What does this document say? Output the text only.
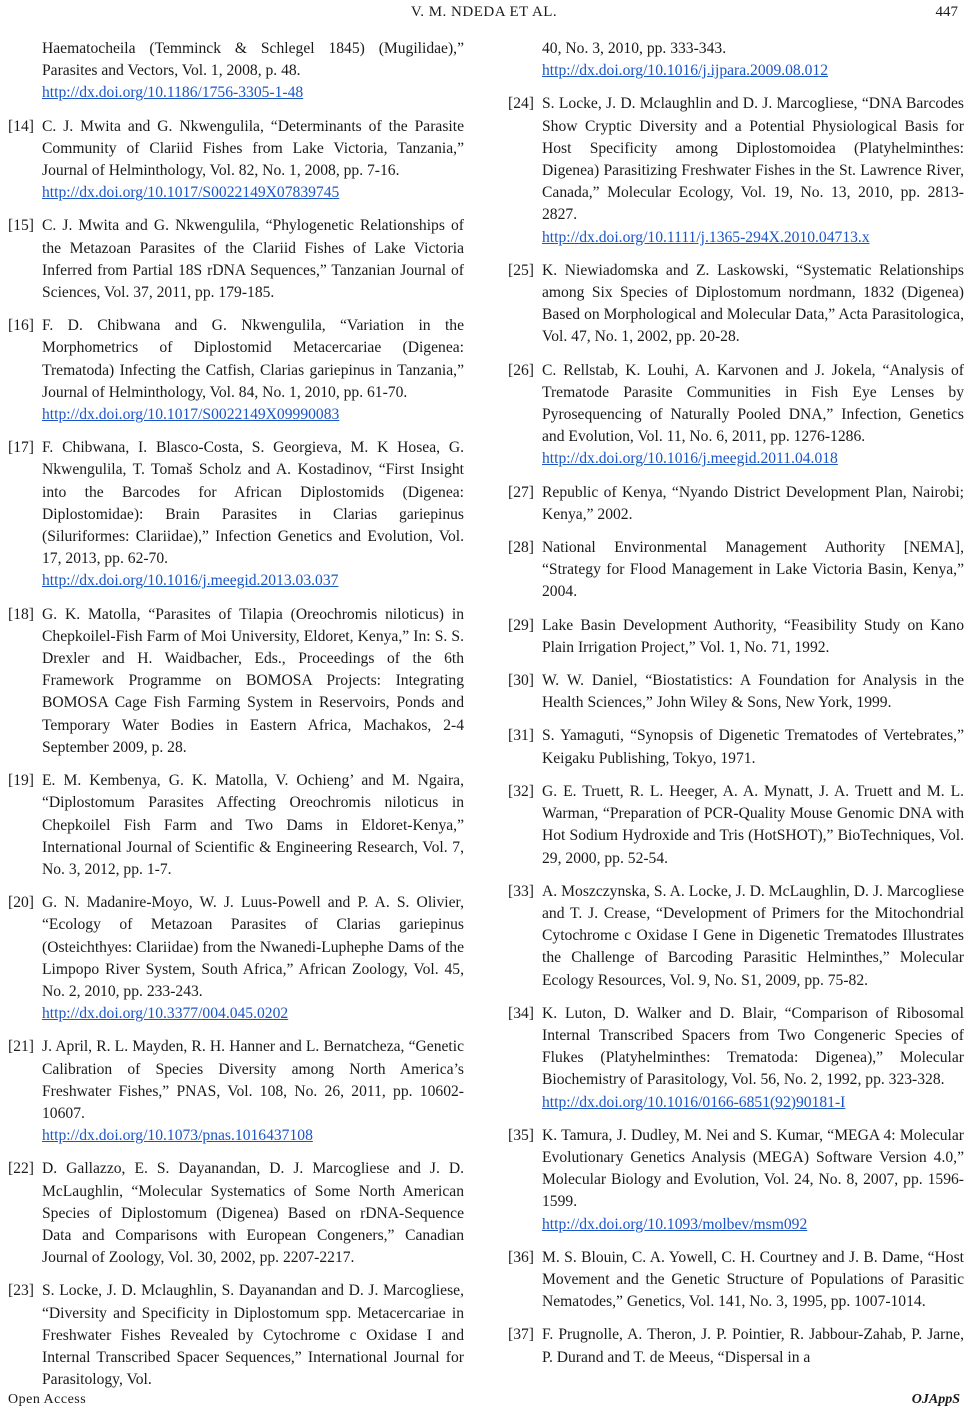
V. M. NDEDA ET AL.	447
Haematocheila (Temminck & Schlegel 1845) (Mugilidae),” Parasites and Vectors, Vol. 1, 2008, p. 48.
http://dx.doi.org/10.1186/1756-3305-1-48
[14] C. J. Mwita and G. Nkwengulila, “Determinants of the Parasite Community of Clariid Fishes from Lake Victoria, Tanzania,” Journal of Helminthology, Vol. 82, No. 1, 2008, pp. 7-16.
http://dx.doi.org/10.1017/S0022149X07839745
[15] C. J. Mwita and G. Nkwengulila, “Phylogenetic Relationships of the Metazoan Parasites of the Clariid Fishes of Lake Victoria Inferred from Partial 18S rDNA Sequences,” Tanzanian Journal of Sciences, Vol. 37, 2011, pp. 179-185.
[16] F. D. Chibwana and G. Nkwengulila, “Variation in the Morphometrics of Diplostomid Metacercariae (Digenea: Trematoda) Infecting the Catfish, Clarias gariepinus in Tanzania,” Journal of Helminthology, Vol. 84, No. 1, 2010, pp. 61-70.
http://dx.doi.org/10.1017/S0022149X09990083
[17] F. Chibwana, I. Blasco-Costa, S. Georgieva, M. K Hosea, G. Nkwengulila, T. Tomaš Scholz and A. Kostadinov, “First Insight into the Barcodes for African Diplostomids (Digenea: Diplostomidae): Brain Parasites in Clarias gariepinus (Siluriformes: Clariidae),” Infection Genetics and Evolution, Vol. 17, 2013, pp. 62-70.
http://dx.doi.org/10.1016/j.meegid.2013.03.037
[18] G. K. Matolla, “Parasites of Tilapia (Oreochromis niloticus) in Chepkoilel-Fish Farm of Moi University, Eldoret, Kenya,” In: S. S. Drexler and H. Waidbacher, Eds., Proceedings of the 6th Framework Programme on BOMOSA Projects: Integrating BOMOSA Cage Fish Farming System in Reservoirs, Ponds and Temporary Water Bodies in Eastern Africa, Machakos, 2-4 September 2009, p. 28.
[19] E. M. Kembenya, G. K. Matolla, V. Ochieng’ and M. Ngaira, “Diplostomum Parasites Affecting Oreochromis niloticus in Chepkoilel Fish Farm and Two Dams in Eldoret-Kenya,” International Journal of Scientific & Engineering Research, Vol. 7, No. 3, 2012, pp. 1-7.
[20] G. N. Madanire-Moyo, W. J. Luus-Powell and P. A. S. Olivier, “Ecology of Metazoan Parasites of Clarias gariepinus (Osteichthyes: Clariidae) from the Nwanedi-Luphephe Dams of the Limpopo River System, South Africa,” African Zoology, Vol. 45, No. 2, 2010, pp. 233-243.
http://dx.doi.org/10.3377/004.045.0202
[21] J. April, R. L. Mayden, R. H. Hanner and L. Bernatcheza, “Genetic Calibration of Species Diversity among North America’s Freshwater Fishes,” PNAS, Vol. 108, No. 26, 2011, pp. 10602-10607.
http://dx.doi.org/10.1073/pnas.1016437108
[22] D. Gallazzo, E. S. Dayanandan, D. J. Marcogliese and J. D. McLaughlin, “Molecular Systematics of Some North American Species of Diplostomum (Digenea) Based on rDNA-Sequence Data and Comparisons with European Congeners,” Canadian Journal of Zoology, Vol. 30, 2002, pp. 2207-2217.
[23] S. Locke, J. D. Mclaughlin, S. Dayanandan and D. J. Marcogliese, “Diversity and Specificity in Diplostomum spp. Metacercariae in Freshwater Fishes Revealed by Cytochrome c Oxidase I and Internal Transcribed Spacer Sequences,” International Journal for Parasitology, Vol.
40, No. 3, 2010, pp. 333-343.
http://dx.doi.org/10.1016/j.ijpara.2009.08.012
[24] S. Locke, J. D. Mclaughlin and D. J. Marcogliese, “DNA Barcodes Show Cryptic Diversity and a Potential Physiological Basis for Host Specificity among Diplostomoidea (Platyhelminthes: Digenea) Parasitizing Freshwater Fishes in the St. Lawrence River, Canada,” Molecular Ecology, Vol. 19, No. 13, 2010, pp. 2813-2827.
http://dx.doi.org/10.1111/j.1365-294X.2010.04713.x
[25] K. Niewiadomska and Z. Laskowski, “Systematic Relationships among Six Species of Diplostomum nordmann, 1832 (Digenea) Based on Morphological and Molecular Data,” Acta Parasitologica, Vol. 47, No. 1, 2002, pp. 20-28.
[26] C. Rellstab, K. Louhi, A. Karvonen and J. Jokela, “Analysis of Trematode Parasite Communities in Fish Eye Lenses by Pyrosequencing of Naturally Pooled DNA,” Infection, Genetics and Evolution, Vol. 11, No. 6, 2011, pp. 1276-1286.
http://dx.doi.org/10.1016/j.meegid.2011.04.018
[27] Republic of Kenya, “Nyando District Development Plan, Nairobi; Kenya,” 2002.
[28] National Environmental Management Authority [NEMA], “Strategy for Flood Management in Lake Victoria Basin, Kenya,” 2004.
[29] Lake Basin Development Authority, “Feasibility Study on Kano Plain Irrigation Project,” Vol. 1, No. 71, 1992.
[30] W. W. Daniel, “Biostatistics: A Foundation for Analysis in the Health Sciences,” John Wiley & Sons, New York, 1999.
[31] S. Yamaguti, “Synopsis of Digenetic Trematodes of Vertebrates,” Keigaku Publishing, Tokyo, 1971.
[32] G. E. Truett, R. L. Heeger, A. A. Mynatt, J. A. Truett and M. L. Warman, “Preparation of PCR-Quality Mouse Genomic DNA with Hot Sodium Hydroxide and Tris (HotSHOT),” BioTechniques, Vol. 29, 2000, pp. 52-54.
[33] A. Moszczynska, S. A. Locke, J. D. McLaughlin, D. J. Marcogliese and T. J. Crease, “Development of Primers for the Mitochondrial Cytochrome c Oxidase I Gene in Digenetic Trematodes Illustrates the Challenge of Barcoding Parasitic Helminthes,” Molecular Ecology Resources, Vol. 9, No. S1, 2009, pp. 75-82.
[34] K. Luton, D. Walker and D. Blair, “Comparison of Ribosomal Internal Transcribed Spacers from Two Congeneric Species of Flukes (Platyhelminthes: Trematoda: Digenea),” Molecular Biochemistry of Parasitology, Vol. 56, No. 2, 1992, pp. 323-328.
http://dx.doi.org/10.1016/0166-6851(92)90181-I
[35] K. Tamura, J. Dudley, M. Nei and S. Kumar, “MEGA 4: Molecular Evolutionary Genetics Analysis (MEGA) Software Version 4.0,” Molecular Biology and Evolution, Vol. 24, No. 8, 2007, pp. 1596-1599.
http://dx.doi.org/10.1093/molbev/msm092
[36] M. S. Blouin, C. A. Yowell, C. H. Courtney and J. B. Dame, “Host Movement and the Genetic Structure of Populations of Parasitic Nematodes,” Genetics, Vol. 141, No. 3, 1995, pp. 1007-1014.
[37] F. Prugnolle, A. Theron, J. P. Pointier, R. Jabbour-Zahab, P. Jarne, P. Durand and T. de Meeus, “Dispersal in a
Open Access	OJAppS
